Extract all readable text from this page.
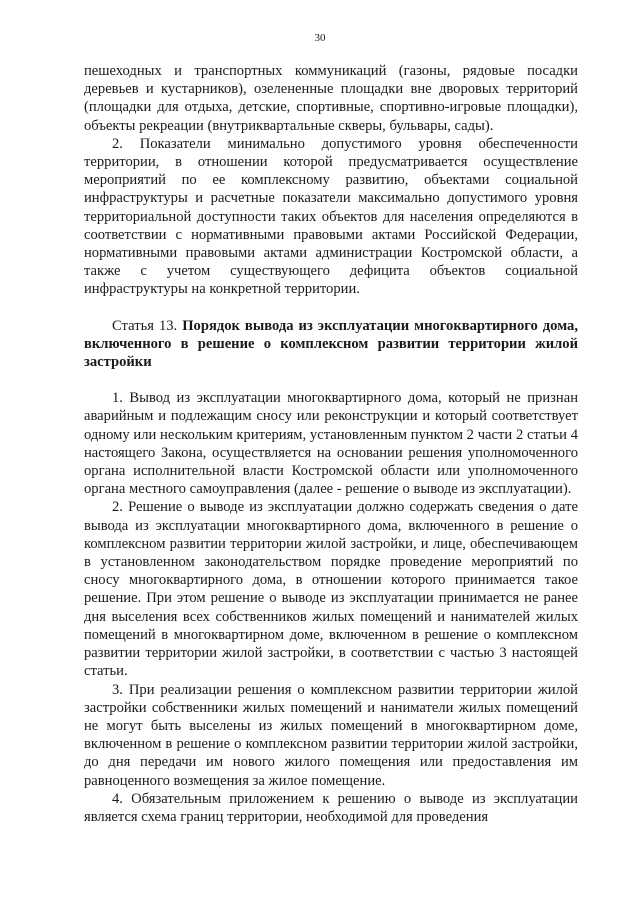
30

пешеходных и транспортных коммуникаций (газоны, рядовые посадки деревьев и кустарников), озелененные площадки вне дворовых территорий (площадки для отдыха, детские, спортивные, спортивно-игровые площадки), объекты рекреации (внутриквартальные скверы, бульвары, сады).

2. Показатели минимально допустимого уровня обеспеченности территории, в отношении которой предусматривается осуществление мероприятий по ее комплексному развитию, объектами социальной инфраструктуры и расчетные показатели максимально допустимого уровня территориальной доступности таких объектов для населения определяются в соответствии с нормативными правовыми актами Российской Федерации, нормативными правовыми актами администрации Костромской области, а также с учетом существующего дефицита объектов социальной инфраструктуры на конкретной территории.

Статья 13. Порядок вывода из эксплуатации многоквартирного дома, включенного в решение о комплексном развитии территории жилой застройки

1. Вывод из эксплуатации многоквартирного дома, который не признан аварийным и подлежащим сносу или реконструкции и который соответствует одному или нескольким критериям, установленным пунктом 2 части 2 статьи 4 настоящего Закона, осуществляется на основании решения уполномоченного органа исполнительной власти Костромской области или уполномоченного органа местного самоуправления (далее - решение о выводе из эксплуатации).

2. Решение о выводе из эксплуатации должно содержать сведения о дате вывода из эксплуатации многоквартирного дома, включенного в решение о комплексном развитии территории жилой застройки, и лице, обеспечивающем в установленном законодательством порядке проведение мероприятий по сносу многоквартирного дома, в отношении которого принимается такое решение. При этом решение о выводе из эксплуатации принимается не ранее дня выселения всех собственников жилых помещений и нанимателей жилых помещений в многоквартирном доме, включенном в решение о комплексном развитии территории жилой застройки, в соответствии с частью 3 настоящей статьи.

3. При реализации решения о комплексном развитии территории жилой застройки собственники жилых помещений и наниматели жилых помещений не могут быть выселены из жилых помещений в многоквартирном доме, включенном в решение о комплексном развитии территории жилой застройки, до дня передачи им нового жилого помещения или предоставления им равноценного возмещения за жилое помещение.

4. Обязательным приложением к решению о выводе из эксплуатации является схема границ территории, необходимой для проведения
